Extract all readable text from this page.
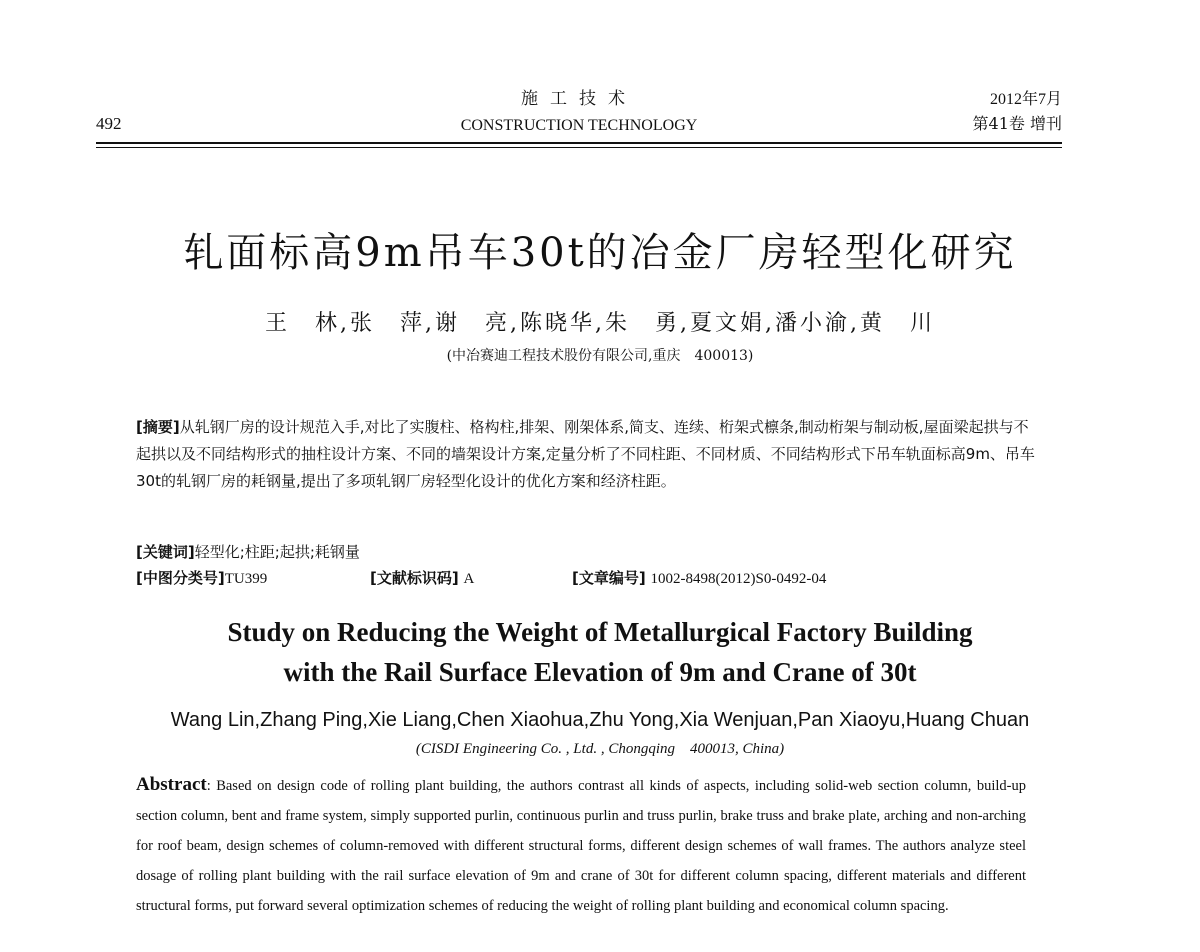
492
施工技术
CONSTRUCTION TECHNOLOGY
2012年7月
第41卷 增刊
轧面标高9m吊车30t的冶金厂房轻型化研究
王　林,张　萍,谢　亮,陈晓华,朱　勇,夏文娟,潘小渝,黄　川
(中冶赛迪工程技术股份有限公司,重庆　400013)
[摘要]从轧钢厂房的设计规范入手,对比了实腹柱、格构柱,排架、刚架体系,简支、连续、桁架式檩条,制动桁架与制动板,屋面梁起拱与不起拱以及不同结构形式的抽柱设计方案、不同的墙架设计方案,定量分析了不同柱距、不同材质、不同结构形式下吊车轨面标高9m、吊车30t的轧钢厂房的耗钢量,提出了多项轧钢厂房轻型化设计的优化方案和经济柱距。
[关键词]轻型化;柱距;起拱;耗钢量
[中图分类号]TU399	[文献标识码] A	[文章编号] 1002-8498(2012)S0-0492-04
Study on Reducing the Weight of Metallurgical Factory Building
with the Rail Surface Elevation of 9m and Crane of 30t
Wang Lin,Zhang Ping,Xie Liang,Chen Xiaohua,Zhu Yong,Xia Wenjuan,Pan Xiaoyu,Huang Chuan
(CISDI Engineering Co. , Ltd. , Chongqing　400013, China)
Abstract: Based on design code of rolling plant building, the authors contrast all kinds of aspects, including solid-web section column, build-up section column, bent and frame system, simply supported purlin, continuous purlin and truss purlin, brake truss and brake plate, arching and non-arching for roof beam, design schemes of column-removed with different structural forms, different design schemes of wall frames. The authors analyze steel dosage of rolling plant building with the rail surface elevation of 9m and crane of 30t for different column spacing, different materials and different structural forms, put forward several optimization schemes of reducing the weight of rolling plant building and economical column spacing.
